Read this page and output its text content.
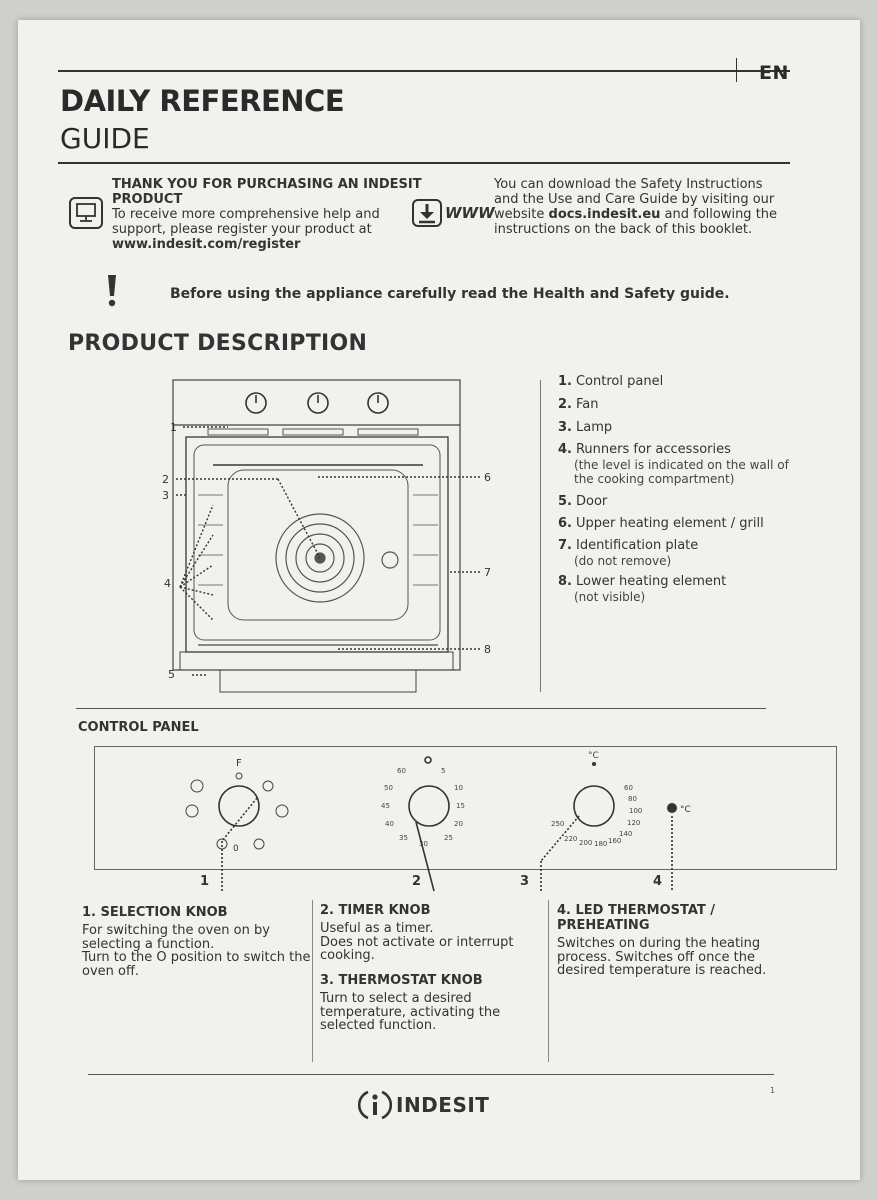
EN
DAILY REFERENCE
GUIDE
THANK YOU FOR PURCHASING AN INDESIT
PRODUCT
To receive more comprehensive help and
support, please register your product at
www.indesit.com/register
WWW
You can download the Safety Instructions
and the Use and Care Guide by visiting our
website docs.indesit.eu and following the
instructions on the back of this booklet.
Before using the appliance carefully read the Health and Safety guide.
PRODUCT DESCRIPTION
1
2
3
4
5
6
7
8
1. Control panel
2. Fan
3. Lamp
4. Runners for accessories
(the level is indicated on the wall of
the cooking compartment)
5. Door
6. Upper heating element / grill
7. Identification plate
(do not remove)
8. Lower heating element
(not visible)
CONTROL PANEL
F
0
60	5
10
50
15
45
20
40
25
35
30
°C
60
80
100
120
140
160
180
200
220
250
°C
1	2	3	4
1. SELECTION KNOB
For switching the oven on by
selecting a function.
Turn to the O position to switch the
oven off.
2. TIMER KNOB
Useful as a timer.
Does not activate or interrupt
cooking.
3. THERMOSTAT KNOB
Turn to select a desired
temperature, activating the
selected function.
4. LED THERMOSTAT /
PREHEATING
Switches on during the heating
process. Switches off once the
desired temperature is reached.
INDESIT
1
